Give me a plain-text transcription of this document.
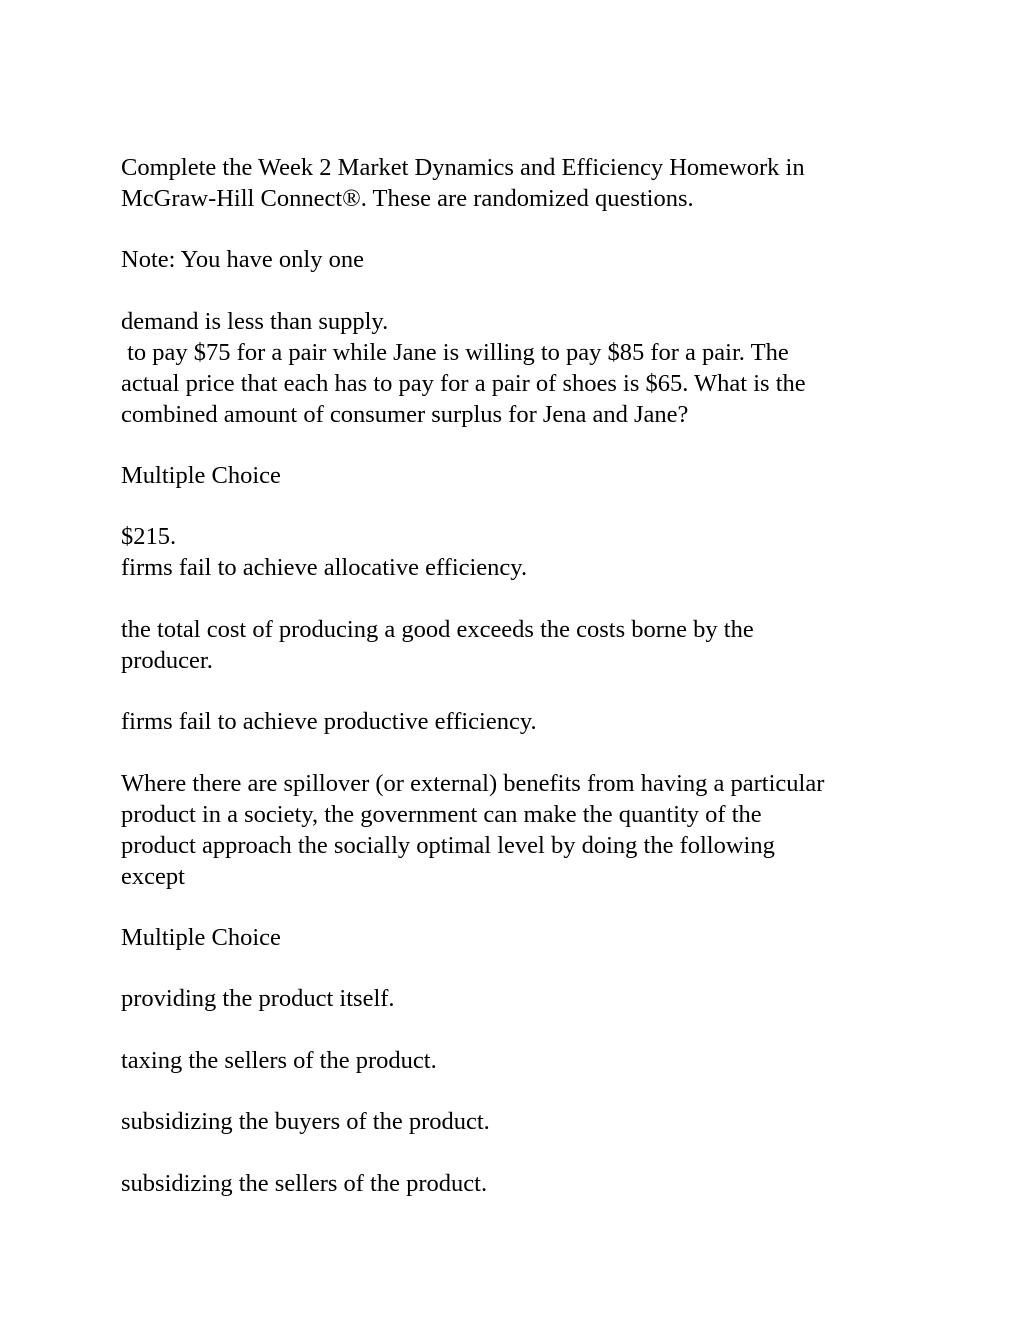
Complete the Week 2 Market Dynamics and Efficiency Homework in

McGraw-Hill Connect®. These are randomized questions.

Note: You have only one

demand is less than supply.

to pay $75 for a pair while Jane is willing to pay $85 for a pair. The

actual price that each has to pay for a pair of shoes is $65. What is the

combined amount of consumer surplus for Jena and Jane?

Multiple Choice

$215.

firms fail to achieve allocative efficiency.

the total cost of producing a good exceeds the costs borne by the

producer.

firms fail to achieve productive efficiency.

Where there are spillover (or external) benefits from having a particular

product in a society, the government can make the quantity of the

product approach the socially optimal level by doing the following

except

Multiple Choice

providing the product itself.

taxing the sellers of the product.

subsidizing the buyers of the product.

subsidizing the sellers of the product.
